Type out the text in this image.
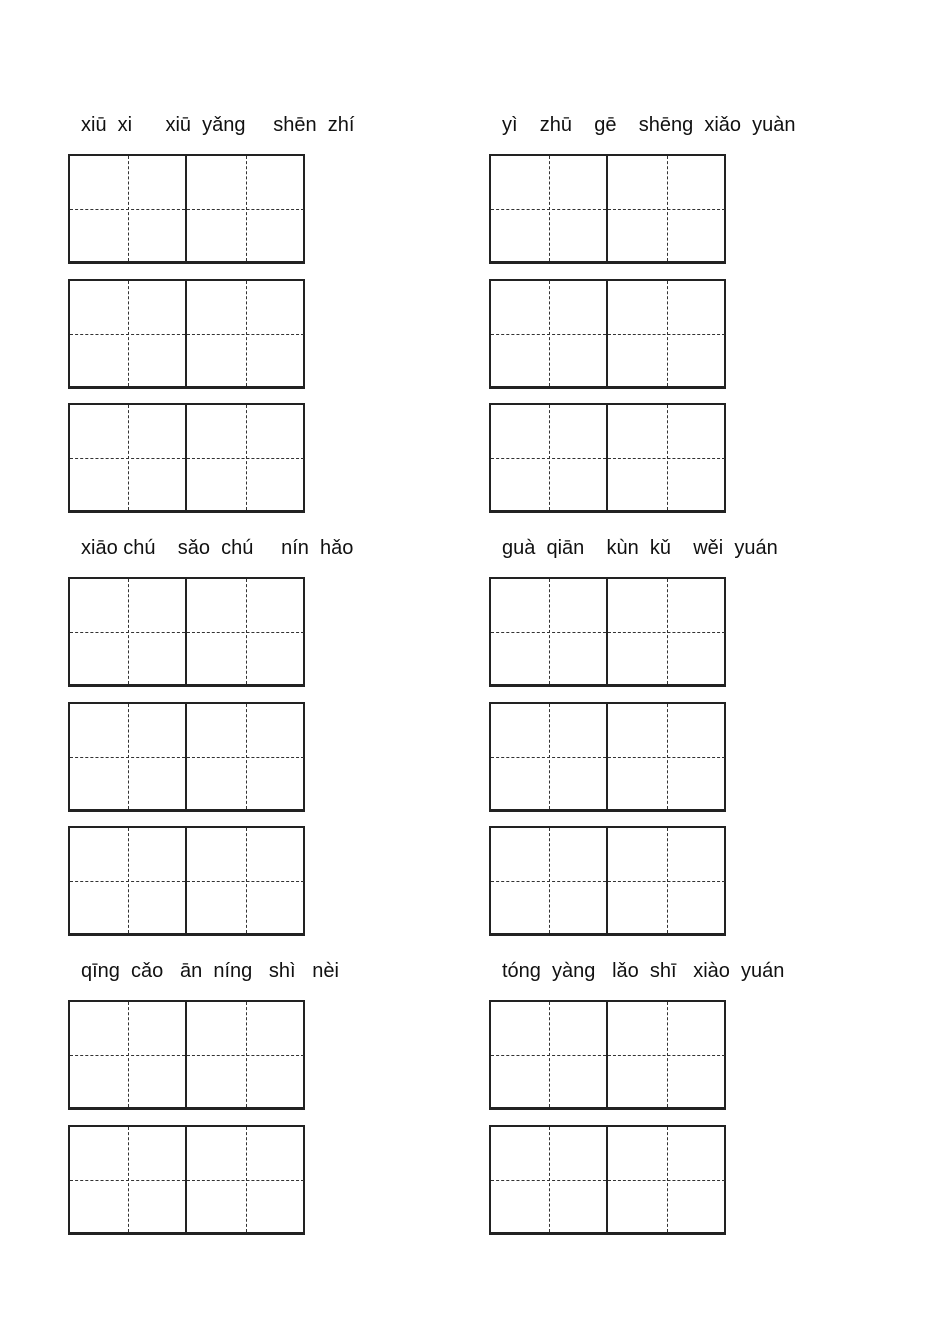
xiū  xi      xiū  yǎng     shēn  zhí	yì    zhū    gē    shēng  xiǎo  yuàn
xiāo chú    sǎo  chú     nín  hǎo	guà  qiān    kùn  kǔ    wěi  yuán
qīng  cǎo   ān  níng   shì   nèi	tóng  yàng   lǎo  shī   xiào  yuán
